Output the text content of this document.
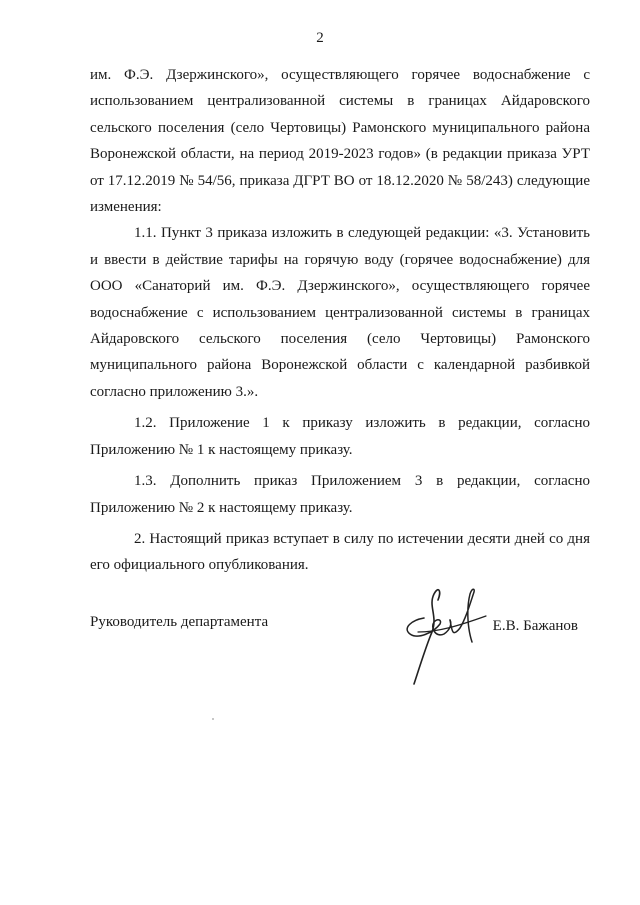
2

им. Ф.Э. Дзержинского», осуществляющего горячее водоснабжение с использованием централизованной системы в границах Айдаровского сельского поселения (село Чертовицы) Рамонского муниципального района Воронежской области, на период 2019-2023 годов» (в редакции приказа УРТ от 17.12.2019 № 54/56, приказа ДГРТ ВО от 18.12.2020 № 58/243) следующие изменения:

1.1. Пункт 3 приказа изложить в следующей редакции: «3. Установить и ввести в действие тарифы на горячую воду (горячее водоснабжение) для ООО «Санаторий им. Ф.Э. Дзержинского», осуществляющего горячее водоснабжение с использованием централизованной системы в границах Айдаровского сельского поселения (село Чертовицы) Рамонского муниципального района Воронежской области с календарной разбивкой согласно приложению 3.».

1.2. Приложение 1 к приказу изложить в редакции, согласно Приложению № 1 к настоящему приказу.

1.3. Дополнить приказ Приложением 3 в редакции, согласно Приложению № 2 к настоящему приказу.

2. Настоящий приказ вступает в силу по истечении десяти дней со дня его официального опубликования.

Руководитель департамента	Е.В. Бажанов
